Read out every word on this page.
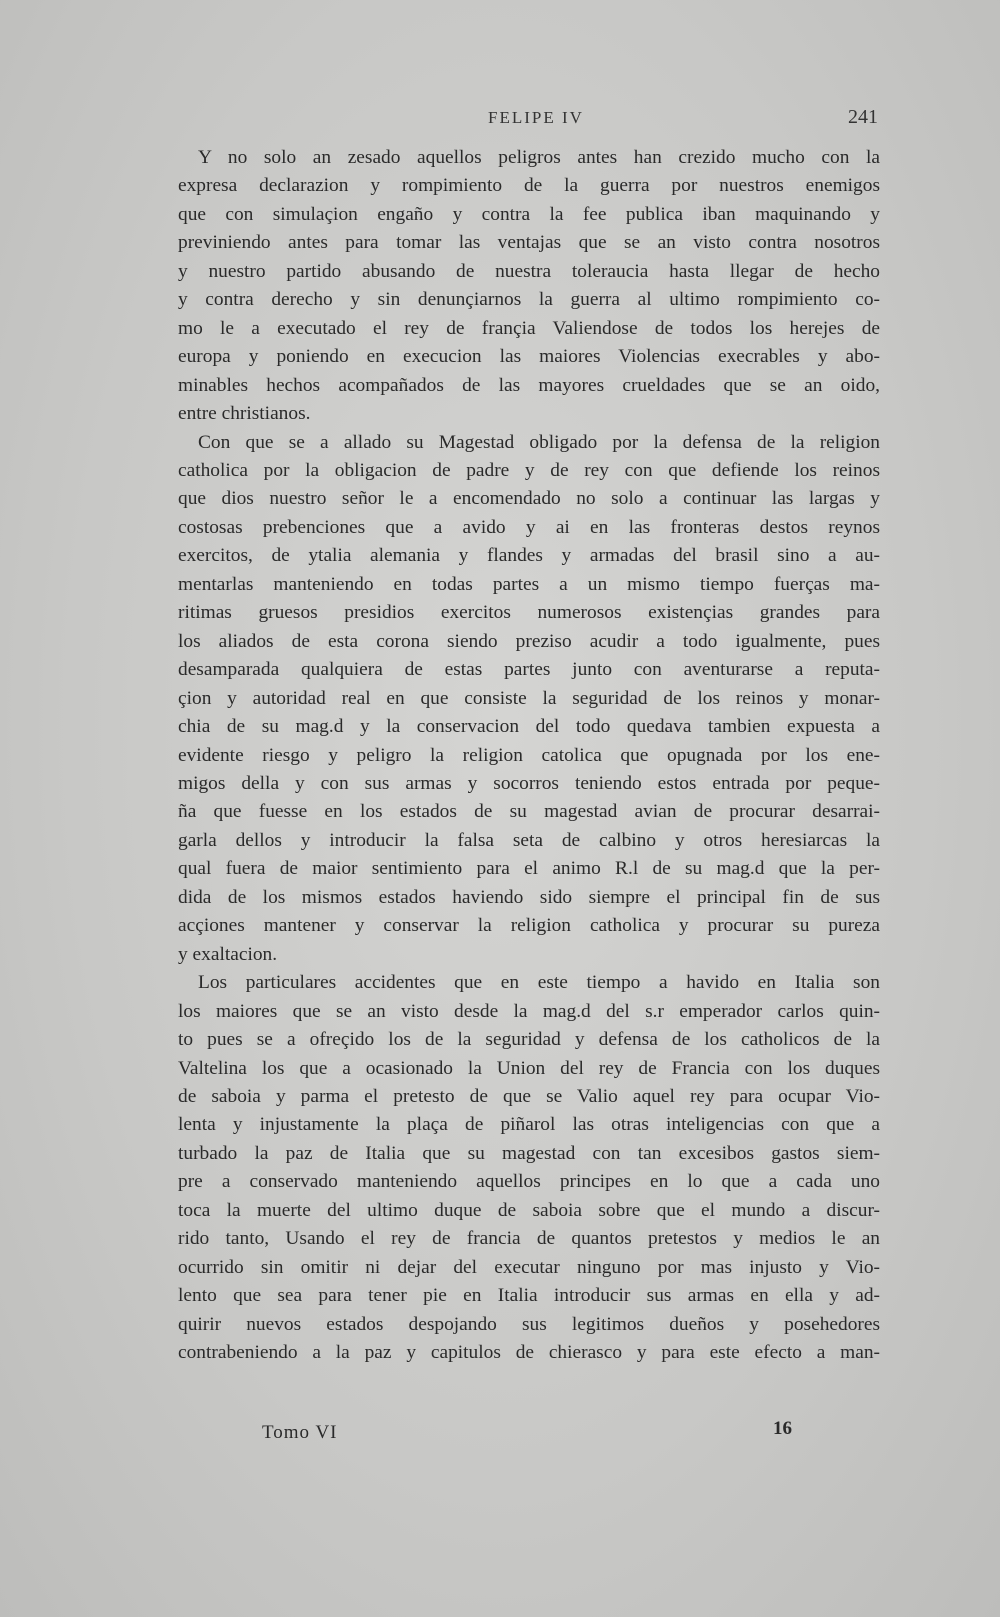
FELIPE IV	241
Y no solo an zesado aquellos peligros antes han crezido mucho con la
expresa declarazion y rompimiento de la guerra por nuestros enemigos
que con simulaçion engaño y contra la fee publica iban maquinando y
previniendo antes para tomar las ventajas que se an visto contra nosotros
y nuestro partido abusando de nuestra toleraucia hasta llegar de hecho
y contra derecho y sin denunçiarnos la guerra al ultimo rompimiento co-
mo le a executado el rey de françia Valiendose de todos los herejes de
europa y poniendo en execucion las maiores Violencias execrables y abo-
minables hechos acompañados de las mayores crueldades que se an oido,
entre christianos.
Con que se a allado su Magestad obligado por la defensa de la religion
catholica por la obligacion de padre y de rey con que defiende los reinos
que dios nuestro señor le a encomendado no solo a continuar las largas y
costosas prebenciones que a avido y ai en las fronteras destos reynos
exercitos, de ytalia alemania y flandes y armadas del brasil sino a au-
mentarlas manteniendo en todas partes a un mismo tiempo fuerças ma-
ritimas gruesos presidios exercitos numerosos existençias grandes para
los aliados de esta corona siendo preziso acudir a todo igualmente, pues
desamparada qualquiera de estas partes junto con aventurarse a reputa-
çion y autoridad real en que consiste la seguridad de los reinos y monar-
chia de su mag.d y la conservacion del todo quedava tambien expuesta a
evidente riesgo y peligro la religion catolica que opugnada por los ene-
migos della y con sus armas y socorros teniendo estos entrada por peque-
ña que fuesse en los estados de su magestad avian de procurar desarrai-
garla dellos y introducir la falsa seta de calbino y otros heresiarcas la
qual fuera de maior sentimiento para el animo R.l de su mag.d que la per-
dida de los mismos estados haviendo sido siempre el principal fin de sus
acçiones mantener y conservar la religion catholica y procurar su pureza
y exaltacion.
Los particulares accidentes que en este tiempo a havido en Italia son
los maiores que se an visto desde la mag.d del s.r emperador carlos quin-
to pues se a ofreçido los de la seguridad y defensa de los catholicos de la
Valtelina los que a ocasionado la Union del rey de Francia con los duques
de saboia y parma el pretesto de que se Valio aquel rey para ocupar Vio-
lenta y injustamente la plaça de piñarol las otras inteligencias con que a
turbado la paz de Italia que su magestad con tan excesibos gastos siem-
pre a conservado manteniendo aquellos principes en lo que a cada uno
toca la muerte del ultimo duque de saboia sobre que el mundo a discur-
rido tanto, Usando el rey de francia de quantos pretestos y medios le an
ocurrido sin omitir ni dejar del executar ninguno por mas injusto y Vio-
lento que sea para tener pie en Italia introducir sus armas en ella y ad-
quirir nuevos estados despojando sus legitimos dueños y posehedores
contrabeniendo a la paz y capitulos de chierasco y para este efecto a man-
Tomo VI	16
